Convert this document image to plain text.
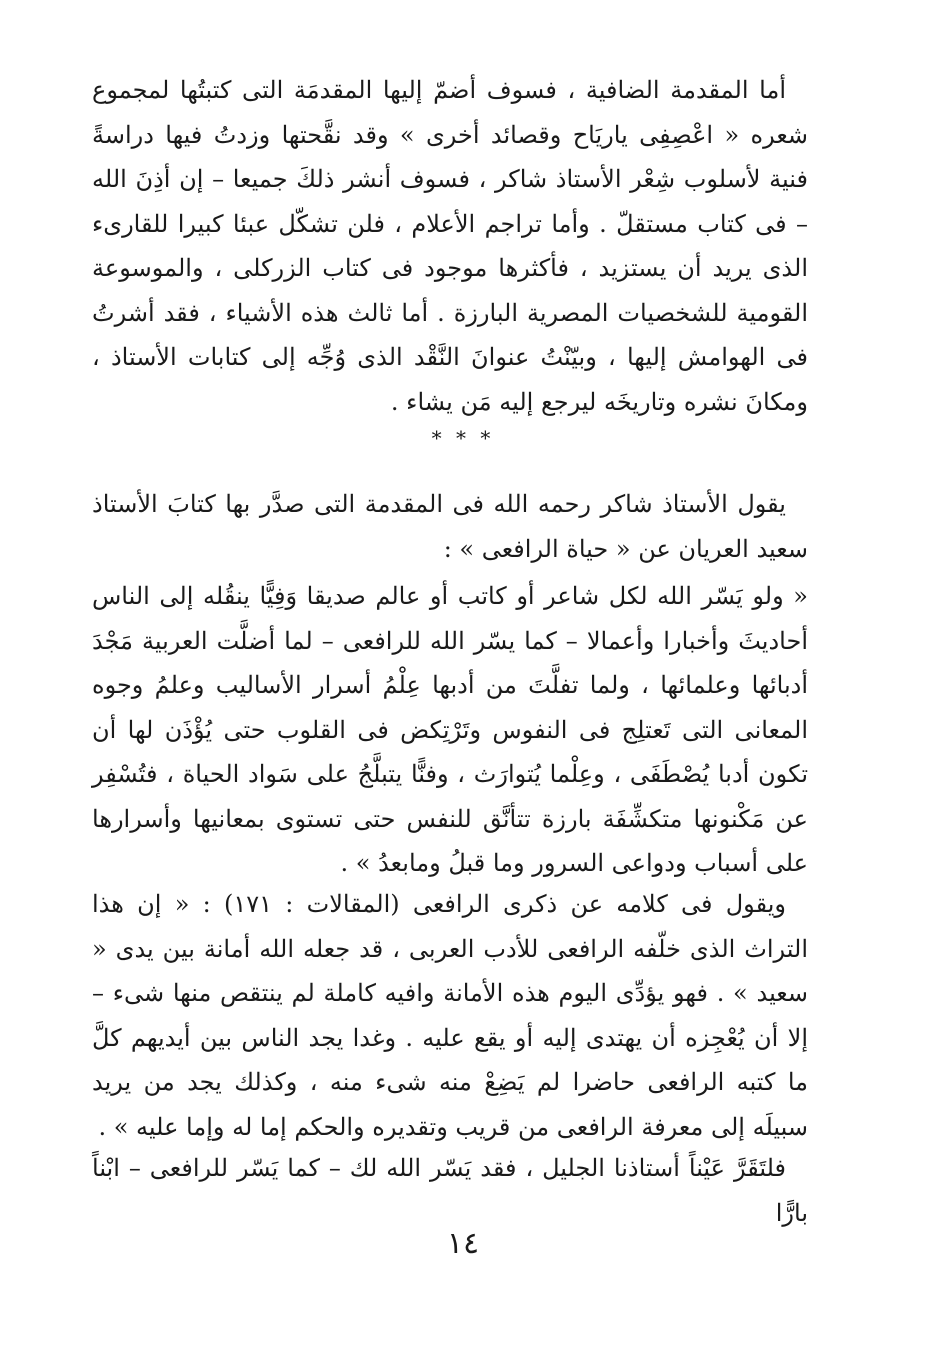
أما المقدمة الضافية ، فسوف أضمّ إليها المقدمَة التى كتبتُها لمجموع شعره « اعْصِفِى ياريَاح وقصائد أخرى » وقد نقَّحتها وزدتُ فيها دراسةً فنية لأسلوب شِعْر الأستاذ شاكر ، فسوف أنشر ذلكَ جميعا – إن أذِنَ الله – فى كتاب مستقلّ . وأما تراجم الأعلام ، فلن تشكّل عبئا كبيرا للقارىء الذى يريد أن يستزيد ، فأكثرها موجود فى كتاب الزركلى ، والموسوعة القومية للشخصيات المصرية البارزة . أما ثالث هذه الأشياء ، فقد أشرتُ فى الهوامش إليها ، وبيّنْتُ عنوانَ النَّقْد الذى وُجِّه إلى كتابات الأستاذ ، ومكانَ نشره وتاريخَه ليرجع إليه مَن يشاء .

* * *

يقول الأستاذ شاكر رحمه الله فى المقدمة التى صدَّر بها كتابَ الأستاذ سعيد العريان عن « حياة الرافعى » :

« ولو يَسّر الله لكل شاعر أو كاتب أو عالم صديقا وَفِيًّا ينقُله إلى الناس أحاديثَ وأخبارا وأعمالا – كما يسّر الله للرافعى – لما أضلَّت العربية مَجْدَ أدبائها وعلمائها ، ولما تفلَّتَ من أدبها عِلْمُ أسرار الأساليب وعلمُ وجوه المعانى التى تَعتلِج فى النفوس وتَرْتِكض فى القلوب حتى يُؤْذَن لها أن تكون أدبا يُصْطَفَى ، وعِلْما يُتوارَث ، وفنًّا يتبلَّجُ على سَواد الحياة ، فتُسْفِر عن مَكْنونها متكشِّفَة بارزة تتأنَّق للنفس حتى تستوى بمعانيها وأسرارها على أسباب ودواعى السرور وما قبلُ ومابعدُ » .

ويقول فى كلامه عن ذكرى الرافعى (المقالات : ١٧١) : « إن هذا التراث الذى خلّفه الرافعى للأدب العربى ، قد جعله الله أمانة بين يدى « سعيد » . فهو يؤدِّى اليوم هذه الأمانة وافيه كاملة لم ينتقص منها شىء – إلا أن يُعْجِزه أن يهتدى إليه أو يقع عليه . وغدا يجد الناس بين أيديهم كلَّ ما كتبه الرافعى حاضرا لم يَضِعْ منه شىء منه ، وكذلك يجد من يريد سبيلَه إلى معرفة الرافعى من قريب وتقديره والحكم إما له وإما عليه » .

فلتَقَرَّ عَيْناً أستاذنا الجليل ، فقد يَسّر الله لك – كما يَسّر للرافعى – ابْناً بارًّا

١٤
